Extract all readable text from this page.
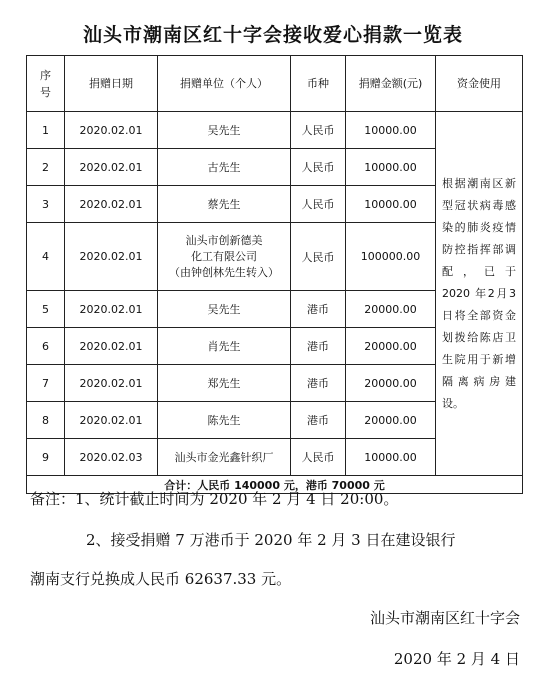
汕头市潮南区红十字会接收爱心捐款一览表
序号	捐赠日期	捐赠单位（个人）	币种	捐赠金额(元)	资金使用
1	2020.02.01	吴先生	人民币	10000.00	根据潮南区新型冠状病毒感染的肺炎疫情防控指挥部调配，已于 2020 年2月3日将全部资金划拨给陈店卫生院用于新增隔离病房建设。
2	2020.02.01	古先生	人民币	10000.00	
3	2020.02.01	蔡先生	人民币	10000.00	
4	2020.02.01	汕头市创新德美
化工有限公司
（由钟创林先生转入）	人民币	100000.00	
5	2020.02.01	吴先生	港币	20000.00	
6	2020.02.01	肖先生	港币	20000.00	
7	2020.02.01	郑先生	港币	20000.00	
8	2020.02.01	陈先生	港币	20000.00	
9	2020.02.03	汕头市金光鑫针织厂	人民币	10000.00	
合计：人民币 140000 元，港币 70000 元					
备注：1、统计截止时间为 2020 年 2 月 4 日 20:00。
2、接受捐赠 7 万港币于 2020 年 2 月 3 日在建设银行
潮南支行兑换成人民币 62637.33 元。
汕头市潮南区红十字会
2020 年 2 月 4 日
